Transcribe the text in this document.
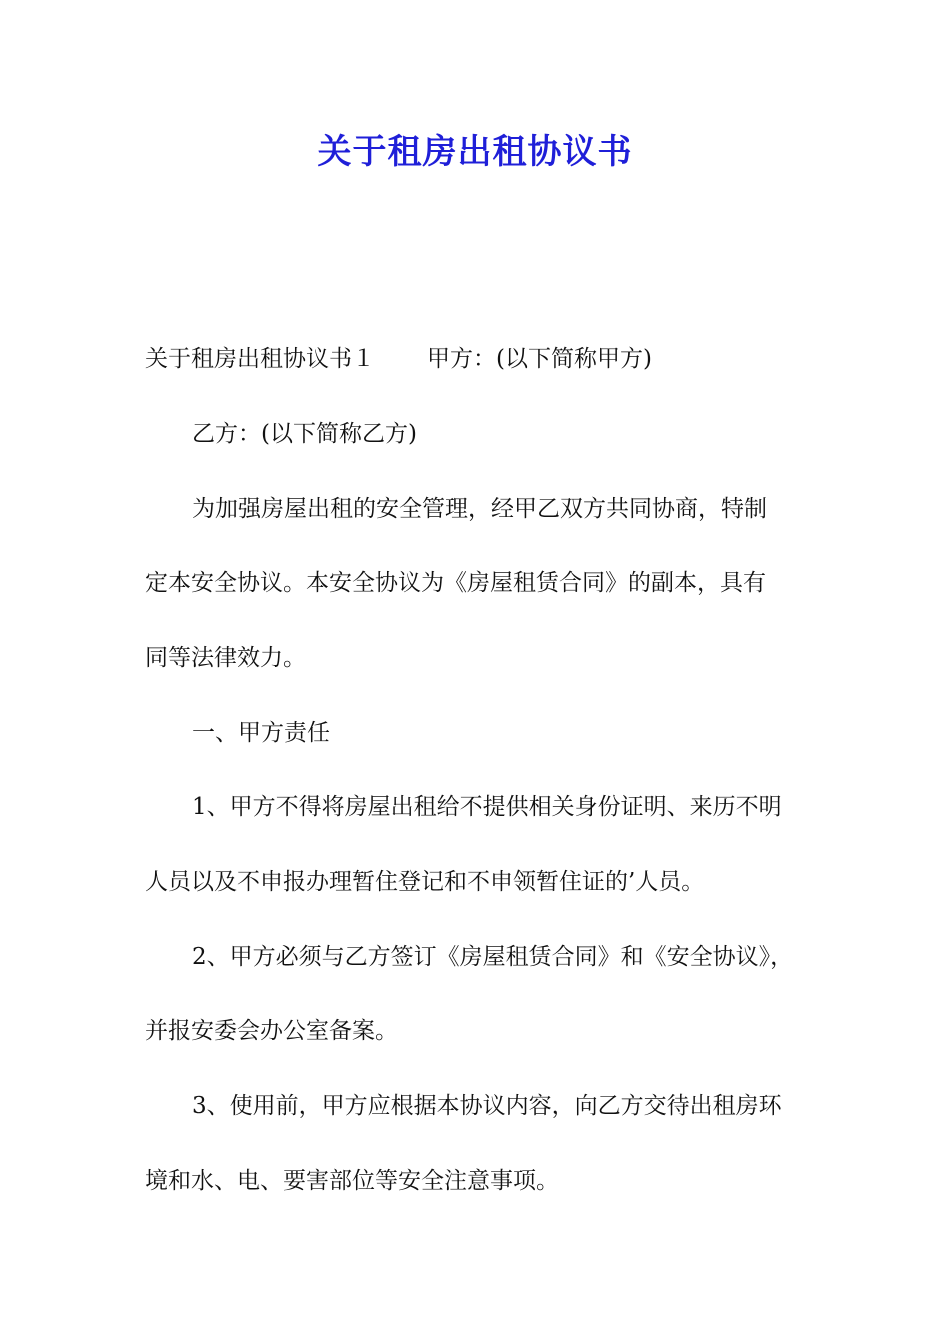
关于租房出租协议书
关于租房出租协议书１ 甲方：(以下简称甲方)
乙方：(以下简称乙方)
为加强房屋出租的安全管理，经甲乙双方共同协商，特制
定本安全协议。本安全协议为《房屋租赁合同》的副本，具有
同等法律效力。
一、甲方责任
1、甲方不得将房屋出租给不提供相关身份证明、来历不明
人员以及不申报办理暂住登记和不申领暂住证的’人员。
2、甲方必须与乙方签订《房屋租赁合同》和《安全协议》，
并报安委会办公室备案。
3、使用前，甲方应根据本协议内容，向乙方交待出租房环
境和水、电、要害部位等安全注意事项。
